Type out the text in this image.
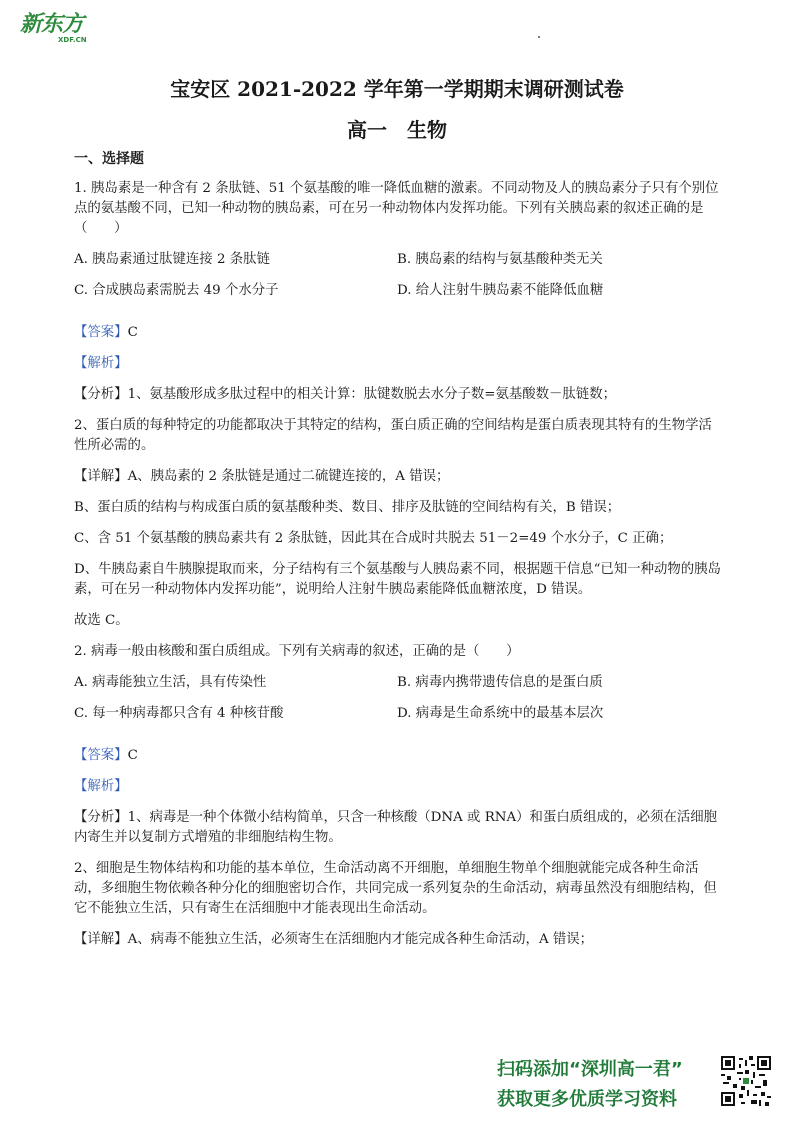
新东方
XDF.CN
宝安区 2021-2022 学年第一学期期末调研测试卷
高一　生物

一、选择题

1. 胰岛素是一种含有 2 条肽链、51 个氨基酸的唯一降低血糖的激素。不同动物及人的胰岛素分子只有个别位点的氨基酸不同，已知一种动物的胰岛素，可在另一种动物体内发挥功能。下列有关胰岛素的叙述正确的是（　　）

A. 胰岛素通过肽键连接 2 条肽链	B. 胰岛素的结构与氨基酸种类无关
C. 合成胰岛素需脱去 49 个水分子	D. 给人注射牛胰岛素不能降低血糖

【答案】C

【解析】

【分析】1、氨基酸形成多肽过程中的相关计算：肽键数脱去水分子数=氨基酸数－肽链数；

2、蛋白质的每种特定的功能都取决于其特定的结构，蛋白质正确的空间结构是蛋白质表现其特有的生物学活性所必需的。

【详解】A、胰岛素的 2 条肽链是通过二硫键连接的，A 错误；

B、蛋白质的结构与构成蛋白质的氨基酸种类、数目、排序及肽链的空间结构有关，B 错误；

C、含 51 个氨基酸的胰岛素共有 2 条肽链，因此其在合成时共脱去 51－2=49 个水分子，C 正确；

D、牛胰岛素自牛胰腺提取而来，分子结构有三个氨基酸与人胰岛素不同，根据题干信息“已知一种动物的胰岛素，可在另一种动物体内发挥功能”，说明给人注射牛胰岛素能降低血糖浓度，D 错误。

故选 C。

2. 病毒一般由核酸和蛋白质组成。下列有关病毒的叙述，正确的是（　　）

A. 病毒能独立生活，具有传染性	B. 病毒内携带遗传信息的是蛋白质
C. 每一种病毒都只含有 4 种核苷酸	D. 病毒是生命系统中的最基本层次

【答案】C

【解析】

【分析】1、病毒是一种个体微小结构简单，只含一种核酸（DNA 或 RNA）和蛋白质组成的，必须在活细胞内寄生并以复制方式增殖的非细胞结构生物。

2、细胞是生物体结构和功能的基本单位，生命活动离不开细胞，单细胞生物单个细胞就能完成各种生命活动，多细胞生物依赖各种分化的细胞密切合作，共同完成一系列复杂的生命活动，病毒虽然没有细胞结构，但它不能独立生活，只有寄生在活细胞中才能表现出生命活动。

【详解】A、病毒不能独立生活，必须寄生在活细胞内才能完成各种生命活动，A 错误；

扫码添加“深圳高一君”
获取更多优质学习资料
